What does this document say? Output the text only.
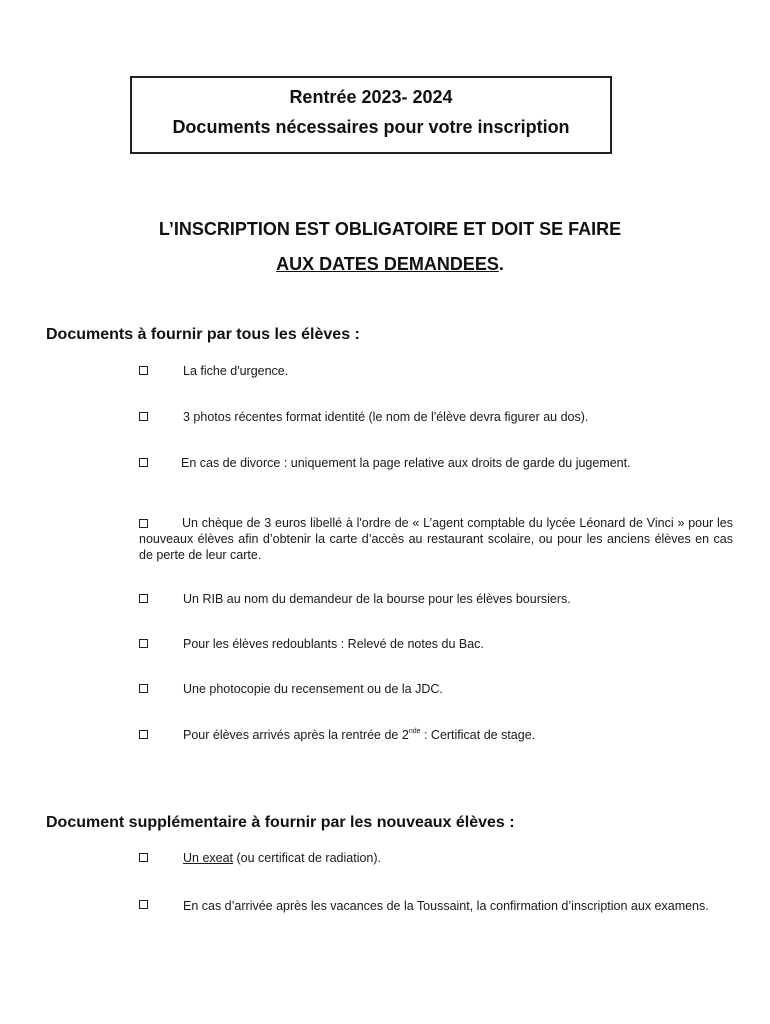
Rentrée 2023- 2024
Documents nécessaires pour votre inscription
L’INSCRIPTION EST OBLIGATOIRE ET DOIT SE FAIRE
AUX DATES DEMANDEES.
Documents à fournir par tous les élèves :
La fiche d'urgence.
3 photos récentes format identité (le nom de l'élève devra figurer au dos).
En cas de divorce : uniquement la page relative aux droits de garde du jugement.
Un chèque de 3 euros libellé à l'ordre de « L’agent comptable du lycée Léonard de Vinci » pour les nouveaux élèves afin d’obtenir la carte d’accès au restaurant scolaire, ou pour les anciens élèves en cas de perte de leur carte.
Un RIB au nom du demandeur de la bourse pour les élèves boursiers.
Pour les élèves redoublants : Relevé de notes du Bac.
Une photocopie du recensement ou de la JDC.
Pour élèves arrivés après la rentrée de 2nde : Certificat de stage.
Document supplémentaire à fournir par les nouveaux élèves :
Un exeat (ou certificat de radiation).
En cas d’arrivée après les vacances de la Toussaint, la confirmation d’inscription aux examens.
